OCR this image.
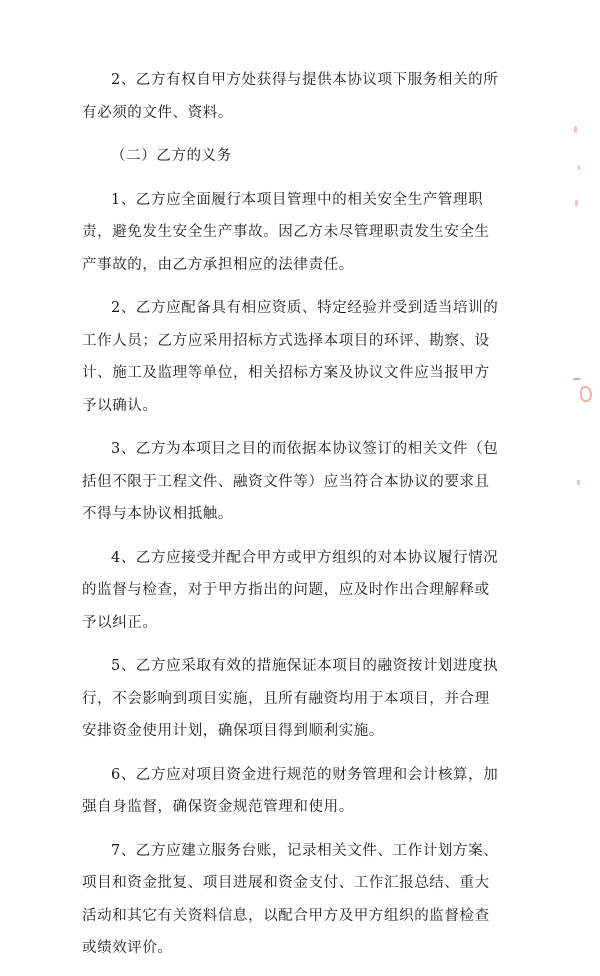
2、乙方有权自甲方处获得与提供本协议项下服务相关的所有必须的文件、资料。

（二）乙方的义务

1、乙方应全面履行本项目管理中的相关安全生产管理职责，避免发生安全生产事故。因乙方未尽管理职责发生安全生产事故的，由乙方承担相应的法律责任。

2、乙方应配备具有相应资质、特定经验并受到适当培训的工作人员；乙方应采用招标方式选择本项目的环评、勘察、设计、施工及监理等单位，相关招标方案及协议文件应当报甲方予以确认。

3、乙方为本项目之目的而依据本协议签订的相关文件（包括但不限于工程文件、融资文件等）应当符合本协议的要求且不得与本协议相抵触。

4、乙方应接受并配合甲方或甲方组织的对本协议履行情况的监督与检查，对于甲方指出的问题，应及时作出合理解释或予以纠正。

5、乙方应采取有效的措施保证本项目的融资按计划进度执行，不会影响到项目实施，且所有融资均用于本项目，并合理安排资金使用计划，确保项目得到顺利实施。

6、乙方应对项目资金进行规范的财务管理和会计核算，加强自身监督，确保资金规范管理和使用。

7、乙方应建立服务台账，记录相关文件、工作计划方案、项目和资金批复、项目进展和资金支付、工作汇报总结、重大活动和其它有关资料信息，以配合甲方及甲方组织的监督检查或绩效评价。
